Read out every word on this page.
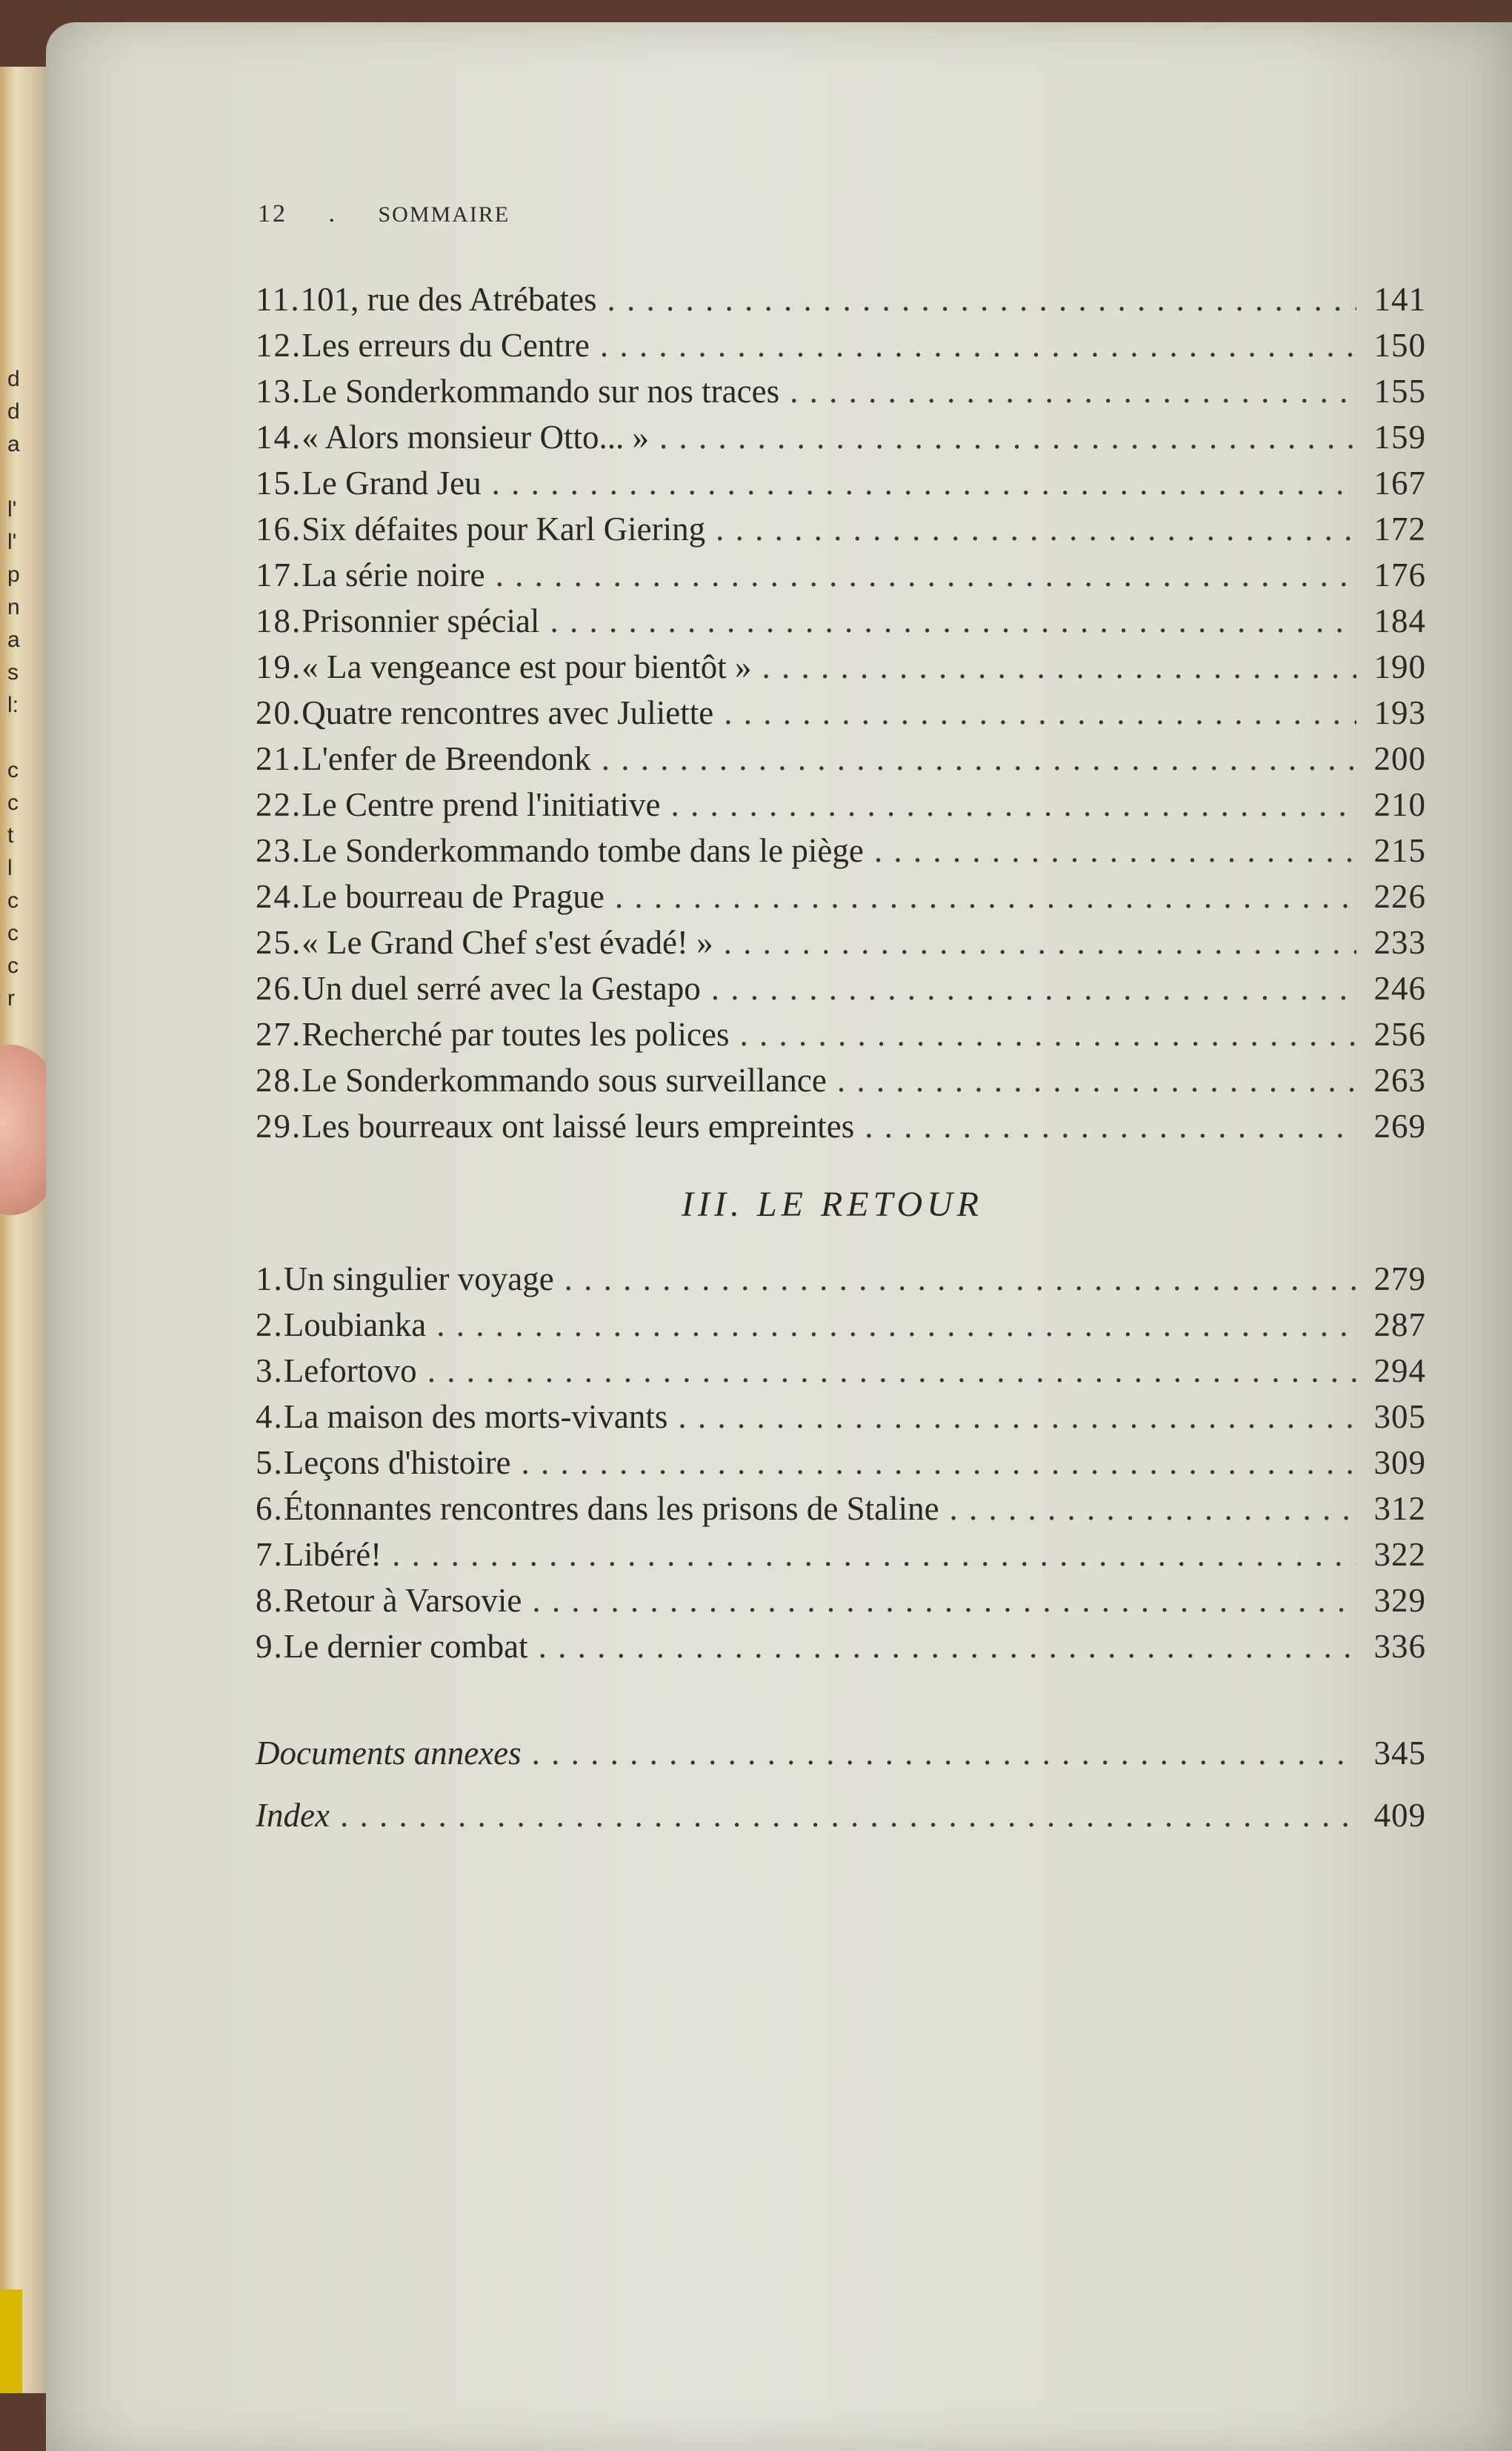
d
d
a

l'
l'
p
n
a
s
l:

c
c
t
l
c
c
c
r
12 . SOMMAIRE
11. 101, rue des Atrébates . . .	141
12. Les erreurs du Centre . . .	150
13. Le Sonderkommando sur nos traces . . .	155
14. « Alors monsieur Otto... » . . .	159
15. Le Grand Jeu . . .	167
16. Six défaites pour Karl Giering . . .	172
17. La série noire . . .	176
18. Prisonnier spécial . . .	184
19. « La vengeance est pour bientôt » . . .	190
20. Quatre rencontres avec Juliette . . .	193
21. L'enfer de Breendonk . . .	200
22. Le Centre prend l'initiative . . .	210
23. Le Sonderkommando tombe dans le piège . . .	215
24. Le bourreau de Prague . . .	226
25. « Le Grand Chef s'est évadé! » . . .	233
26. Un duel serré avec la Gestapo . . .	246
27. Recherché par toutes les polices . . .	256
28. Le Sonderkommando sous surveillance . . .	263
29. Les bourreaux ont laissé leurs empreintes . . .	269
III. LE RETOUR
1. Un singulier voyage . . .	279
2. Loubianka . . .	287
3. Lefortovo . . .	294
4. La maison des morts-vivants . . .	305
5. Leçons d'histoire . . .	309
6. Étonnantes rencontres dans les prisons de Staline . . .	312
7. Libéré! . . .	322
8. Retour à Varsovie . . .	329
9. Le dernier combat . . .	336
Documents annexes . . .	345
Index . . .	409
